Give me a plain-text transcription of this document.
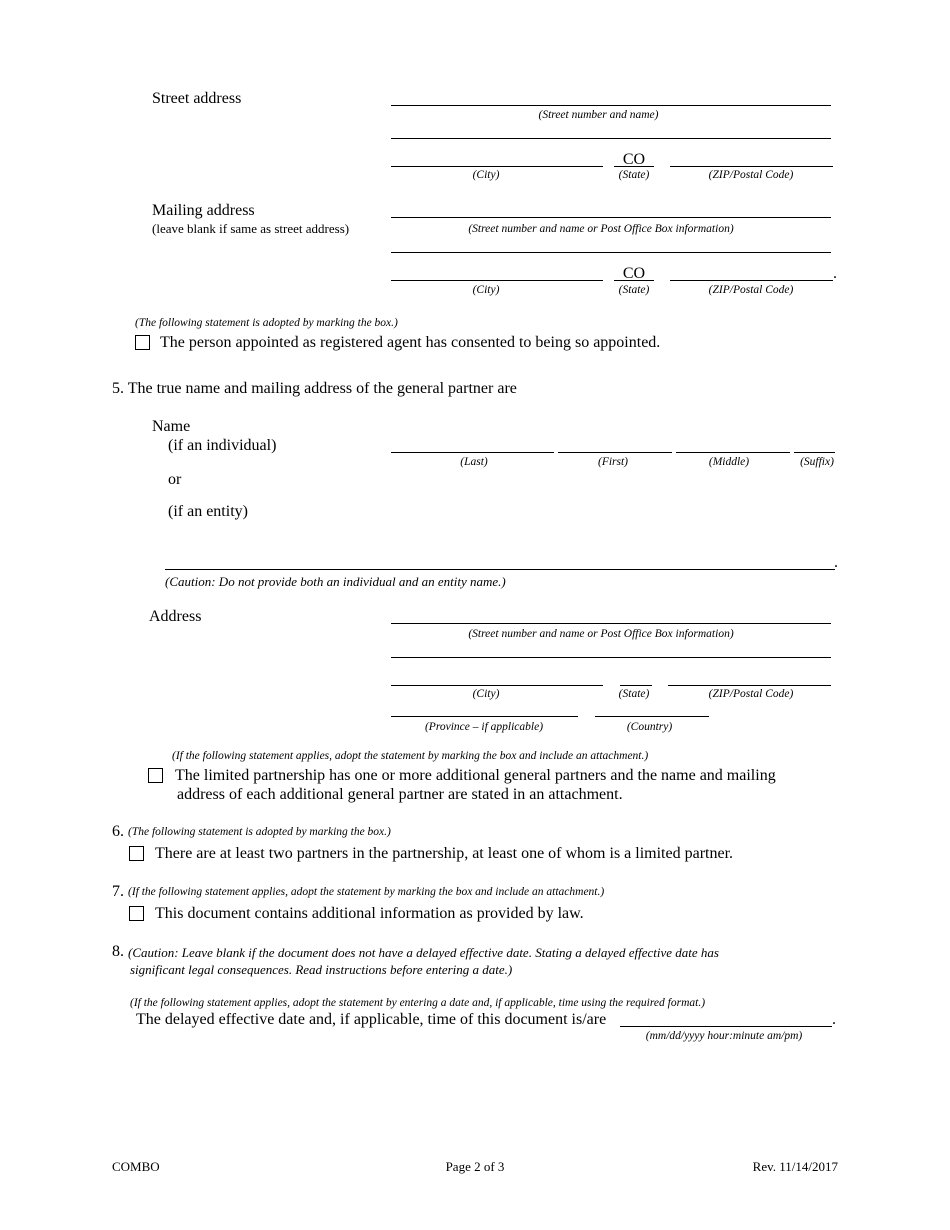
Street address
(Street number and name)
CO
(City)	(State)	(ZIP/Postal Code)
Mailing address
(leave blank if same as street address)	(Street number and name or Post Office Box information)
CO	.
(City)	(State)	(ZIP/Postal Code)
(The following statement is adopted by marking the box.)
The person appointed as registered agent has consented to being so appointed.
5. The true name and mailing address of the general partner are
Name
(if an individual)
or
(if an entity)
(Last)	(First)	(Middle)	(Suffix)
.
(Caution: Do not provide both an individual and an entity name.)
Address
(Street number and name or Post Office Box information)
(City)	(State)	(ZIP/Postal Code)
(Province – if applicable)	(Country)
(If the following statement applies, adopt the statement by marking the box and include an attachment.)
The limited partnership has one or more additional general partners and the name and mailing
address of each additional general partner are stated in an attachment.
6. (The following statement is adopted by marking the box.)
There are at least two partners in the partnership, at least one of whom is a limited partner.
7. (If the following statement applies, adopt the statement by marking the box and include an attachment.)
This document contains additional information as provided by law.
8. (Caution: Leave blank if the document does not have a delayed effective date. Stating a delayed effective date has
significant legal consequences. Read instructions before entering a date.)
(If the following statement applies, adopt the statement by entering a date and, if applicable, time using the required format.)
The delayed effective date and, if applicable, time of this document is/are	.
(mm/dd/yyyy hour:minute am/pm)
COMBO	Page 2 of 3	Rev. 11/14/2017
